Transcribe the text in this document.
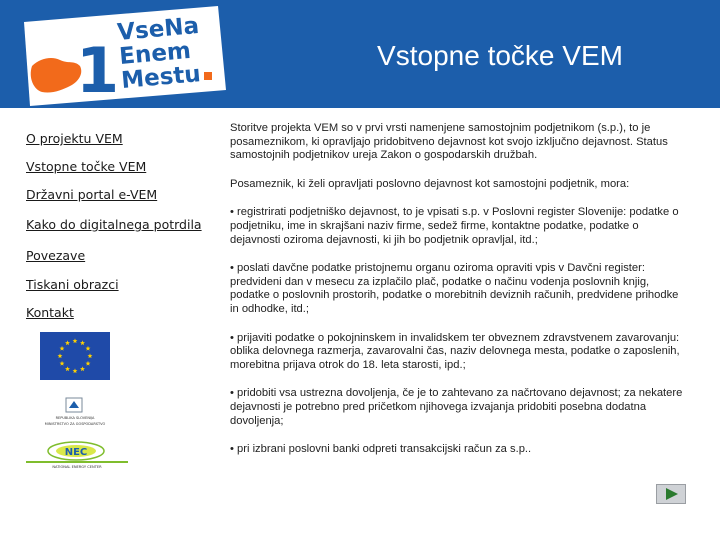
1
VseNa
Enem
Mestu
Vstopne točke VEM
O projektu VEM
Vstopne točke VEM
Državni portal e-VEM
Kako do digitalnega potrdila
Povezave
Tiskani obrazci
Kontakt
REPUBLIKA SLOVENIJA
MINISTRSTVO ZA GOSPODARSTVO
NEC
NATIONAL ENERGY CENTER

Storitve projekta VEM so v prvi vrsti namenjene samostojnim podjetnikom (s.p.), to je posameznikom, ki opravljajo pridobitveno dejavnost kot svojo izključno dejavnost. Status samostojnih podjetnikov ureja Zakon o gospodarskih družbah.

Posameznik, ki želi opravljati poslovno dejavnost kot samostojni podjetnik, mora:

• registrirati podjetniško dejavnost, to je vpisati s.p. v Poslovni register Slovenije: podatke o podjetniku, ime in skrajšani naziv firme, sedež firme, kontaktne podatke, podatke o dejavnosti oziroma dejavnosti, ki jih bo podjetnik opravljal, itd.;

• poslati davčne podatke pristojnemu organu oziroma opraviti vpis v Davčni register: predvideni dan v mesecu za izplačilo plač, podatke o načinu vodenja poslovnih knjig, podatke o poslovnih prostorih, podatke o morebitnih deviznih računih, predvidene prihodke in odhodke, itd.;

• prijaviti podatke o pokojninskem in invalidskem ter obveznem zdravstvenem zavarovanju: oblika delovnega razmerja, zavarovalni čas, naziv delovnega mesta, podatke o zaposlenih, morebitna prijava otrok do 18. leta starosti, ipd.;

• pridobiti vsa ustrezna dovoljenja, če je to zahtevano za načrtovano dejavnost; za nekatere dejavnosti je potrebno pred pričetkom njihovega izvajanja pridobiti posebna dodatna dovoljenja;

• pri izbrani poslovni banki odpreti transakcijski račun za s.p..
